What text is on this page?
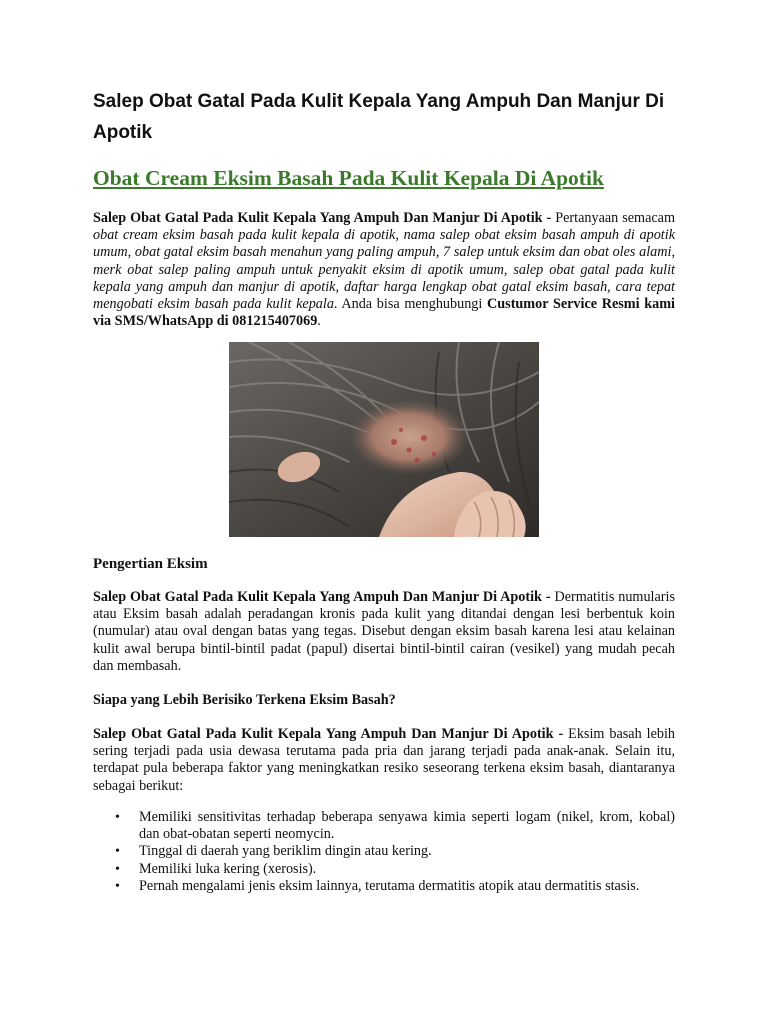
Salep Obat Gatal Pada Kulit Kepala Yang Ampuh Dan Manjur Di Apotik
Obat Cream Eksim Basah Pada Kulit Kepala Di Apotik

Salep Obat Gatal Pada Kulit Kepala Yang Ampuh Dan Manjur Di Apotik - Pertanyaan semacam obat cream eksim basah pada kulit kepala di apotik, nama salep obat eksim basah ampuh di apotik umum, obat gatal eksim basah menahun yang paling ampuh, 7 salep untuk eksim dan obat oles alami, merk obat salep paling ampuh untuk penyakit eksim di apotik umum, salep obat gatal pada kulit kepala yang ampuh dan manjur di apotik, daftar harga lengkap obat gatal eksim basah, cara tepat mengobati eksim basah pada kulit kepala. Anda bisa menghubungi Custumor Service Resmi kami via SMS/WhatsApp di 081215407069.

Pengertian Eksim

Salep Obat Gatal Pada Kulit Kepala Yang Ampuh Dan Manjur Di Apotik - Dermatitis numularis atau Eksim basah adalah peradangan kronis pada kulit yang ditandai dengan lesi berbentuk koin (numular) atau oval dengan batas yang tegas. Disebut dengan eksim basah karena lesi atau kelainan kulit awal berupa bintil-bintil padat (papul) disertai bintil-bintil cairan (vesikel) yang mudah pecah dan membasah.

Siapa yang Lebih Berisiko Terkena Eksim Basah?

Salep Obat Gatal Pada Kulit Kepala Yang Ampuh Dan Manjur Di Apotik - Eksim basah lebih sering terjadi pada usia dewasa terutama pada pria dan jarang terjadi pada anak-anak. Selain itu, terdapat pula beberapa faktor yang meningkatkan resiko seseorang terkena eksim basah, diantaranya sebagai berikut:

• Memiliki sensitivitas terhadap beberapa senyawa kimia seperti logam (nikel, krom, kobal) dan obat-obatan seperti neomycin.
• Tinggal di daerah yang beriklim dingin atau kering.
• Memiliki luka kering (xerosis).
• Pernah mengalami jenis eksim lainnya, terutama dermatitis atopik atau dermatitis stasis.
